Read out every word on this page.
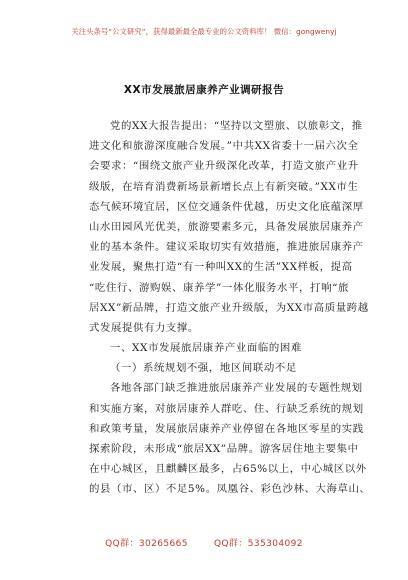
关注头条号“公文研究”，获得最新最全最专业的公文资料库！ 微信：gongwenyj
XX市发展旅居康养产业调研报告
党的XX大报告提出：“坚持以文塑旅、以旅彰文，推
进文化和旅游深度融合发展。”中共XX省委十一届六次全
会要求：“围绕文旅产业升级深化改革，打造文旅产业升
级版，在培育消费新场景新增长点上有新突破。”XX市生
态气候环境宜居，区位交通条件优越，历史文化底蕴深厚
山水田园风光优美，旅游要素多元，具备发展旅居康养产
业的基本条件。建议采取切实有效措施，推进旅居康养产
业发展，聚焦打造“有一种叫XX的生活”XX样板，提高
“吃住行、游购娱、康养学”一体化服务水平，打响“旅
居XX”新品牌，打造文旅产业升级版，为XX市高质量跨越
式发展提供有力支撑。
一、XX市发展旅居康养产业面临的困难
（一）系统规划不强，地区间联动不足
各地各部门缺乏推进旅居康养产业发展的专题性规划
和实施方案，对旅居康养人群吃、住、行缺乏系统的规划
和政策考量，发展旅居康养产业停留在各地区零星的实践
探索阶段，未形成“旅居XX”品牌。游客居住地主要集中
在中心城区，且麒麟区最多，占65%以上，中心城区以外
的县（市、区）不足5%。凤凰谷、彩色沙林、大海草山、
QQ群：30265665	QQ群：535304092
